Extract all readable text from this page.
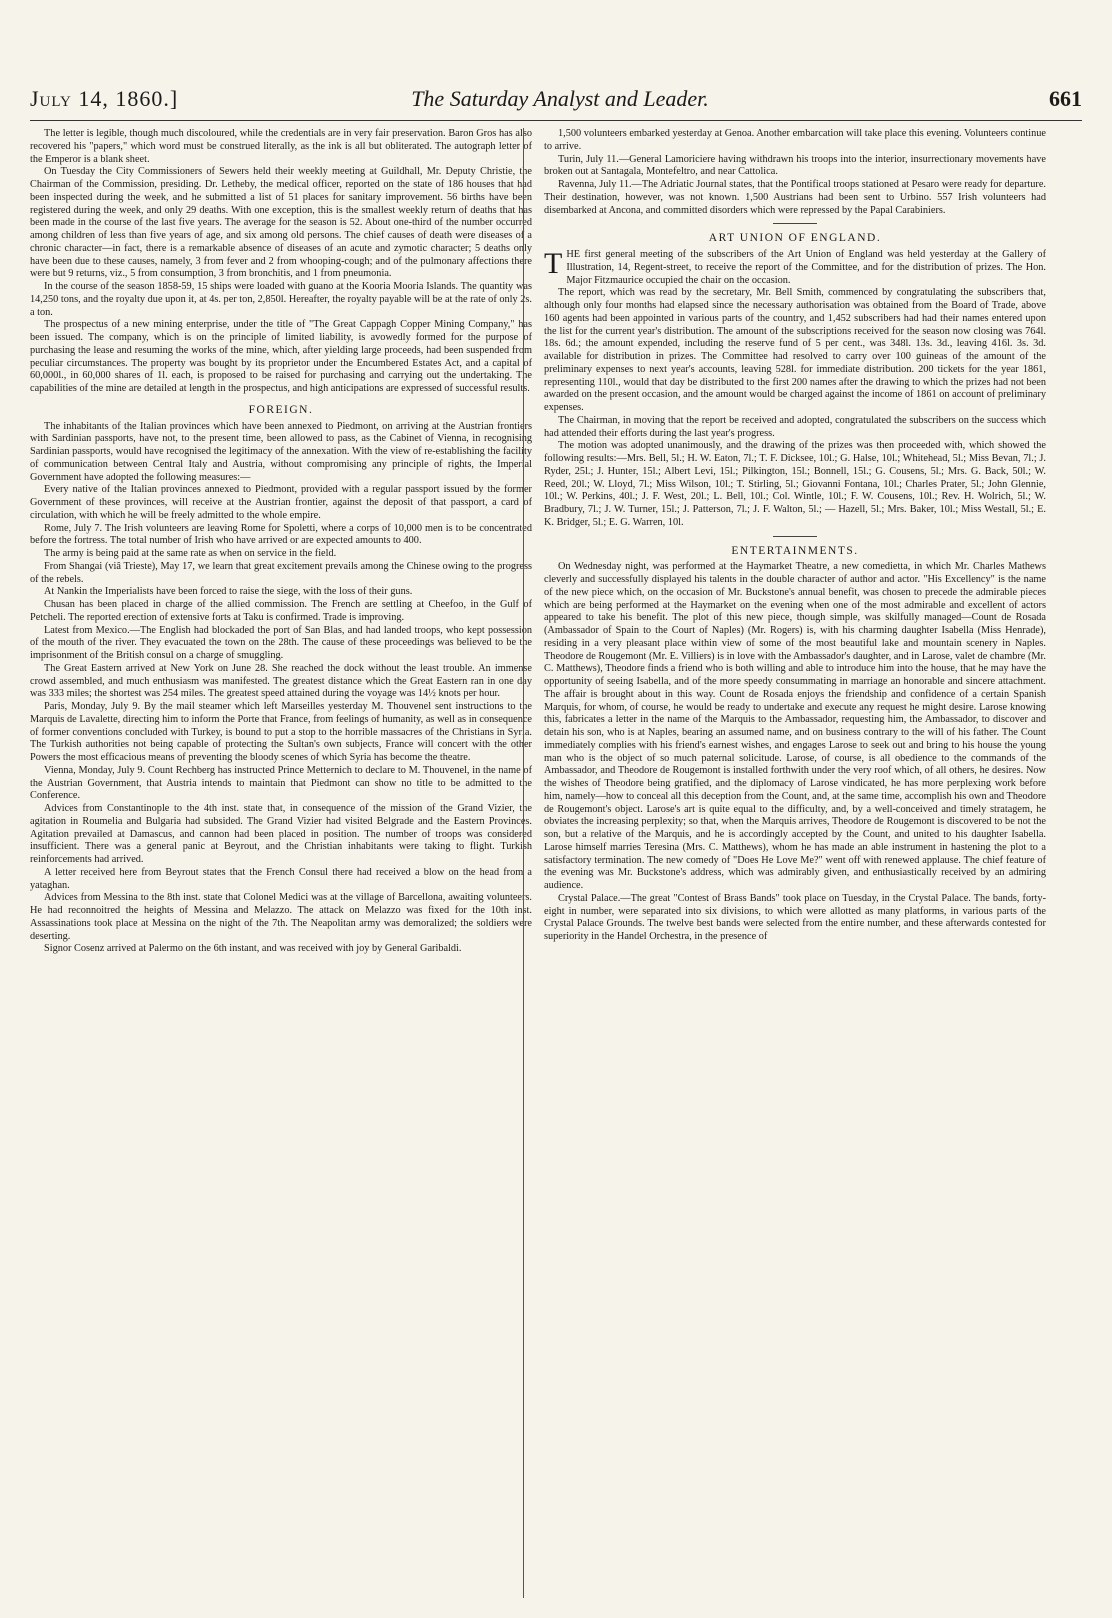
July 14, 1860.]	The Saturday Analyst and Leader.	661

The letter is legible, though much discoloured, while the credentials are in very fair preservation. Baron Gros has also recovered his "papers," which word must be construed literally, as the ink is all but obliterated. The autograph letter of the Emperor is a blank sheet.

On Tuesday the City Commissioners of Sewers held their weekly meeting at Guildhall, Mr. Deputy Christie, the Chairman of the Commission, presiding. Dr. Letheby, the medical officer, reported on the state of 186 houses that had been inspected during the week, and he submitted a list of 51 places for sanitary improvement. 56 births have been registered during the week, and only 29 deaths. With one exception, this is the smallest weekly return of deaths that has been made in the course of the last five years. The average for the season is 52. About one-third of the number occurred among children of less than five years of age, and six among old persons. The chief causes of death were diseases of a chronic character—in fact, there is a remarkable absence of diseases of an acute and zymotic character; 5 deaths only have been due to these causes, namely, 3 from fever and 2 from whooping-cough; and of the pulmonary affections there were but 9 returns, viz., 5 from consumption, 3 from bronchitis, and 1 from pneumonia.

In the course of the season 1858-59, 15 ships were loaded with guano at the Kooria Mooria Islands. The quantity was 14,250 tons, and the royalty due upon it, at 4s. per ton, 2,850l. Hereafter, the royalty payable will be at the rate of only 2s. a ton.

The prospectus of a new mining enterprise, under the title of "The Great Cappagh Copper Mining Company," has been issued. The company, which is on the principle of limited liability, is avowedly formed for the purpose of purchasing the lease and resuming the works of the mine, which, after yielding large proceeds, had been suspended from peculiar circumstances. The property was bought by its proprietor under the Encumbered Estates Act, and a capital of 60,000l., in 60,000 shares of 1l. each, is proposed to be raised for purchasing and carrying out the undertaking. The capabilities of the mine are detailed at length in the prospectus, and high anticipations are expressed of successful results.

FOREIGN.

The inhabitants of the Italian provinces which have been annexed to Piedmont, on arriving at the Austrian frontiers with Sardinian passports, have not, to the present time, been allowed to pass, as the Cabinet of Vienna, in recognising Sardinian passports, would have recognised the legitimacy of the annexation. With the view of re-establishing the facility of communication between Central Italy and Austria, without compromising any principle of rights, the Imperial Government have adopted the following measures:—

Every native of the Italian provinces annexed to Piedmont, provided with a regular passport issued by the former Government of these provinces, will receive at the Austrian frontier, against the deposit of that passport, a card of circulation, with which he will be freely admitted to the whole empire.

Rome, July 7. The Irish volunteers are leaving Rome for Spoletti, where a corps of 10,000 men is to be concentrated before the fortress. The total number of Irish who have arrived or are expected amounts to 400.

The army is being paid at the same rate as when on service in the field.

From Shangai (viâ Trieste), May 17, we learn that great excitement prevails among the Chinese owing to the progress of the rebels.

At Nankin the Imperialists have been forced to raise the siege, with the loss of their guns.

Chusan has been placed in charge of the allied commission. The French are settling at Cheefoo, in the Gulf of Petcheli. The reported erection of extensive forts at Taku is confirmed. Trade is improving.

Latest from Mexico.—The English had blockaded the port of San Blas, and had landed troops, who kept possession of the mouth of the river. They evacuated the town on the 28th. The cause of these proceedings was believed to be the imprisonment of the British consul on a charge of smuggling.

The Great Eastern arrived at New York on June 28. She reached the dock without the least trouble. An immense crowd assembled, and much enthusiasm was manifested. The greatest distance which the Great Eastern ran in one day was 333 miles; the shortest was 254 miles. The greatest speed attained during the voyage was 14½ knots per hour.

Paris, Monday, July 9. By the mail steamer which left Marseilles yesterday M. Thouvenel sent instructions to the Marquis de Lavalette, directing him to inform the Porte that France, from feelings of humanity, as well as in consequence of former conventions concluded with Turkey, is bound to put a stop to the horrible massacres of the Christians in Syria. The Turkish authorities not being capable of protecting the Sultan's own subjects, France will concert with the other Powers the most efficacious means of preventing the bloody scenes of which Syria has become the theatre.

Vienna, Monday, July 9. Count Rechberg has instructed Prince Metternich to declare to M. Thouvenel, in the name of the Austrian Government, that Austria intends to maintain that Piedmont can show no title to be admitted to the Conference.

Advices from Constantinople to the 4th inst. state that, in consequence of the mission of the Grand Vizier, the agitation in Roumelia and Bulgaria had subsided. The Grand Vizier had visited Belgrade and the Eastern Provinces. Agitation prevailed at Damascus, and cannon had been placed in position. The number of troops was considered insufficient. There was a general panic at Beyrout, and the Christian inhabitants were taking to flight. Turkish reinforcements had arrived.

A letter received here from Beyrout states that the French Consul there had received a blow on the head from a yataghan.

Advices from Messina to the 8th inst. state that Colonel Medici was at the village of Barcellona, awaiting volunteers. He had reconnoitred the heights of Messina and Melazzo. The attack on Melazzo was fixed for the 10th inst. Assassinations took place at Messina on the night of the 7th. The Neapolitan army was demoralized; the soldiers were deserting.

Signor Cosenz arrived at Palermo on the 6th instant, and was received with joy by General Garibaldi.

1,500 volunteers embarked yesterday at Genoa. Another embarcation will take place this evening. Volunteers continue to arrive.

Turin, July 11.—General Lamoriciere having withdrawn his troops into the interior, insurrectionary movements have broken out at Santagala, Montefeltro, and near Cattolica.

Ravenna, July 11.—The Adriatic Journal states, that the Pontifical troops stationed at Pesaro were ready for departure. Their destination, however, was not known. 1,500 Austrians had been sent to Urbino. 557 Irish volunteers had disembarked at Ancona, and committed disorders which were repressed by the Papal Carabiniers.

ART UNION OF ENGLAND.

THE first general meeting of the subscribers of the Art Union of England was held yesterday at the Gallery of Illustration, 14, Regent-street, to receive the report of the Committee, and for the distribution of prizes. The Hon. Major Fitzmaurice occupied the chair on the occasion.

The report, which was read by the secretary, Mr. Bell Smith, commenced by congratulating the subscribers that, although only four months had elapsed since the necessary authorisation was obtained from the Board of Trade, above 160 agents had been appointed in various parts of the country, and 1,452 subscribers had had their names entered upon the list for the current year's distribution. The amount of the subscriptions received for the season now closing was 764l. 18s. 6d.; the amount expended, including the reserve fund of 5 per cent., was 348l. 13s. 3d., leaving 416l. 3s. 3d. available for distribution in prizes. The Committee had resolved to carry over 100 guineas of the amount of the preliminary expenses to next year's accounts, leaving 528l. for immediate distribution. 200 tickets for the year 1861, representing 110l., would that day be distributed to the first 200 names after the drawing to which the prizes had not been awarded on the present occasion, and the amount would be charged against the income of 1861 on account of preliminary expenses.

The Chairman, in moving that the report be received and adopted, congratulated the subscribers on the success which had attended their efforts during the last year's progress.

The motion was adopted unanimously, and the drawing of the prizes was then proceeded with, which showed the following results:—Mrs. Bell, 5l.; H. W. Eaton, 7l.; T. F. Dicksee, 10l.; G. Halse, 10l.; Whitehead, 5l.; Miss Bevan, 7l.; J. Ryder, 25l.; J. Hunter, 15l.; Albert Levi, 15l.; Pilkington, 15l.; Bonnell, 15l.; G. Cousens, 5l.; Mrs. G. Back, 50l.; W. Reed, 20l.; W. Lloyd, 7l.; Miss Wilson, 10l.; T. Stirling, 5l.; Giovanni Fontana, 10l.; Charles Prater, 5l.; John Glennie, 10l.; W. Perkins, 40l.; J. F. West, 20l.; L. Bell, 10l.; Col. Wintle, 10l.; F. W. Cousens, 10l.; Rev. H. Wolrich, 5l.; W. Bradbury, 7l.; J. W. Turner, 15l.; J. Patterson, 7l.; J. F. Walton, 5l.; — Hazell, 5l.; Mrs. Baker, 10l.; Miss Westall, 5l.; E. K. Bridger, 5l.; E. G. Warren, 10l.

ENTERTAINMENTS.

On Wednesday night, was performed at the Haymarket Theatre, a new comedietta, in which Mr. Charles Mathews cleverly and successfully displayed his talents in the double character of author and actor. "His Excellency" is the name of the new piece which, on the occasion of Mr. Buckstone's annual benefit, was chosen to precede the admirable pieces which are being performed at the Haymarket on the evening when one of the most admirable and excellent of actors appeared to take his benefit. The plot of this new piece, though simple, was skilfully managed—Count de Rosada (Ambassador of Spain to the Court of Naples) (Mr. Rogers) is, with his charming daughter Isabella (Miss Henrade), residing in a very pleasant place within view of some of the most beautiful lake and mountain scenery in Naples. Theodore de Rougemont (Mr. E. Villiers) is in love with the Ambassador's daughter, and in Larose, valet de chambre (Mr. C. Matthews), Theodore finds a friend who is both willing and able to introduce him into the house, that he may have the opportunity of seeing Isabella, and of the more speedy consummating in marriage an honorable and sincere attachment. The affair is brought about in this way. Count de Rosada enjoys the friendship and confidence of a certain Spanish Marquis, for whom, of course, he would be ready to undertake and execute any request he might desire. Larose knowing this, fabricates a letter in the name of the Marquis to the Ambassador, requesting him, the Ambassador, to discover and detain his son, who is at Naples, bearing an assumed name, and on business contrary to the will of his father. The Count immediately complies with his friend's earnest wishes, and engages Larose to seek out and bring to his house the young man who is the object of so much paternal solicitude. Larose, of course, is all obedience to the commands of the Ambassador, and Theodore de Rougemont is installed forthwith under the very roof which, of all others, he desires. Now the wishes of Theodore being gratified, and the diplomacy of Larose vindicated, he has more perplexing work before him, namely—how to conceal all this deception from the Count, and, at the same time, accomplish his own and Theodore de Rougemont's object. Larose's art is quite equal to the difficulty, and, by a well-conceived and timely stratagem, he obviates the increasing perplexity; so that, when the Marquis arrives, Theodore de Rougemont is discovered to be not the son, but a relative of the Marquis, and he is accordingly accepted by the Count, and united to his daughter Isabella. Larose himself marries Teresina (Mrs. C. Matthews), whom he has made an able instrument in hastening the plot to a satisfactory termination. The new comedy of "Does He Love Me?" went off with renewed applause. The chief feature of the evening was Mr. Buckstone's address, which was admirably given, and enthusiastically received by an admiring audience.

Crystal Palace.—The great "Contest of Brass Bands" took place on Tuesday, in the Crystal Palace. The bands, forty-eight in number, were separated into six divisions, to which were allotted as many platforms, in various parts of the Crystal Palace Grounds. The twelve best bands were selected from the entire number, and these afterwards contested for superiority in the Handel Orchestra, in the presence of
